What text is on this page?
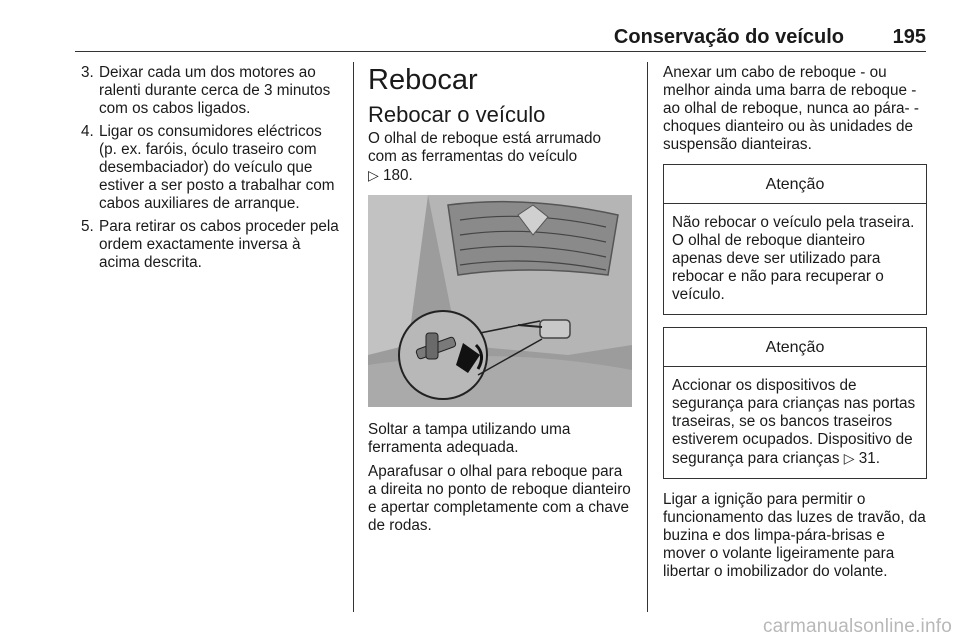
Conservação do veículo 195
3. Deixar cada um dos motores ao ralenti durante cerca de 3 minutos com os cabos ligados.
4. Ligar os consumidores eléctricos (p. ex. faróis, óculo traseiro com desembaciador) do veículo que estiver a ser posto a trabalhar com cabos auxiliares de arranque.
5. Para retirar os cabos proceder pela ordem exactamente inversa à acima descrita.
Rebocar
Rebocar o veículo

O olhal de reboque está arrumado com as ferramentas do veículo
▷ 180.

Soltar a tampa utilizando uma ferramenta adequada.

Aparafusar o olhal para reboque para a direita no ponto de reboque dianteiro e apertar completamente com a chave de rodas.

Anexar um cabo de reboque - ou melhor ainda uma barra de reboque - ao olhal de reboque, nunca ao pára- -choques dianteiro ou às unidades de suspensão dianteiras.

Atenção

Não rebocar o veículo pela traseira. O olhal de reboque dianteiro apenas deve ser utilizado para rebocar e não para recuperar o veículo.

Atenção

Accionar os dispositivos de segurança para crianças nas portas traseiras, se os bancos traseiros estiverem ocupados. Dispositivo de segurança para crianças ▷ 31.

Ligar a ignição para permitir o funcionamento das luzes de travão, da buzina e dos limpa-pára-brisas e mover o volante ligeiramente para libertar o imobilizador do volante.

carmanualsonline.info
